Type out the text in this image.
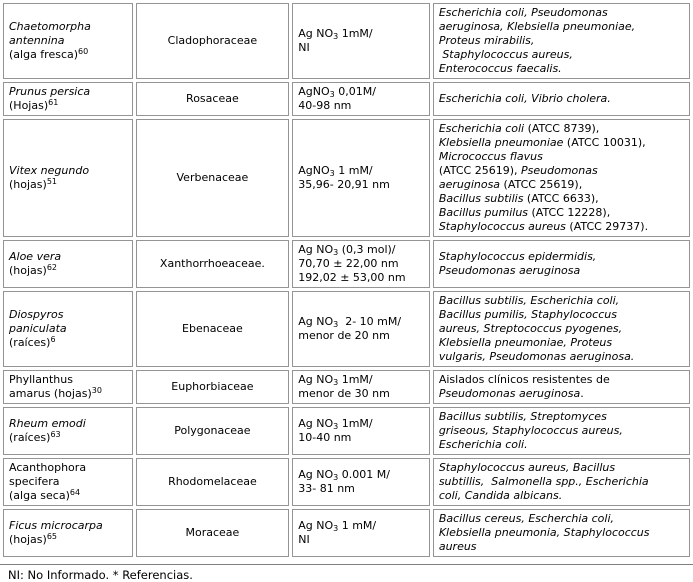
Chaetomorpha
antennina
(alga fresca)$^{60}$

Cladophoraceae

Ag $NO_3$ 1mM/
NI

Escherichia coli, Pseudomonas
aeruginosa, Klebsiella pneumoniae,
Proteus mirabilis,
Staphylococcus aureus,
Enterococcus faecalis.

Prunus persica
(Hojas)$^{61}$	Rosaceae

AgNO$_3$ 0,01M/
40-98 nm

Escherichia coli, Vibrio cholera.

Vitex negundo
(hojas)$^{51}$	Verbenaceae

AgNO$_3$ 1 mM/
35,96- 20,91 nm

Escherichia coli (ATCC 8739),
Klebsiella pneumoniae (ATCC 10031),
Micrococcus flavus
(ATCC 25619), Pseudomonas
aeruginosa (ATCC 25619),
Bacillus subtilis (ATCC 6633),
Bacillus pumilus (ATCC 12228),
Staphylococcus aureus (ATCC 29737).

Aloe vera
(hojas)$^{62}$	Xanthorrhoeaceae.

Ag $NO_3$ (0,3 mol)/
70,70 ± 22,00 nm
192,02 ± 53,00 nm

Staphylococcus epidermidis,
Pseudomonas aeruginosa

Diospyros
paniculata
(raíces)$^6$

Ebenaceae

Ag $NO_3$  2- 10 mM/
menor de 20 nm

Bacillus subtilis, Escherichia coli,
Bacillus pumilis, Staphylococcus
aureus, Streptococcus pyogenes,
Klebsiella pneumoniae, Proteus
vulgaris, Pseudomonas aeruginosa.

Phyllanthus
amarus (hojas)$^{30}$	Euphorbiaceae

Ag $NO_3$ 1mM/
menor de 30 nm

Aislados clínicos resistentes de
Pseudomonas aeruginosa.

Rheum emodi
(raíces)$^{63}$	Polygonaceae

Ag $NO_3$ 1mM/
10-40 nm

Bacillus subtilis, Streptomyces
griseous, Staphylococcus aureus,
Escherichia coli.

Acanthophora
specifera
(alga seca)$^{64}$

Rhodomelaceae

Ag $NO_3$ 0.001 M/
33- 81 nm

Staphylococcus aureus, Bacillus
subtillis,  Salmonella spp., Escherichia
coli, Candida albicans.

Ficus microcarpa
(hojas)$^{65}$	Moraceae

Ag $NO_3$ 1 mM/
NI

Bacillus cereus, Escherchia coli,
Klebsiella pneumonia, Staphylococcus
aureus
NI: No Informado. * Referencias.
